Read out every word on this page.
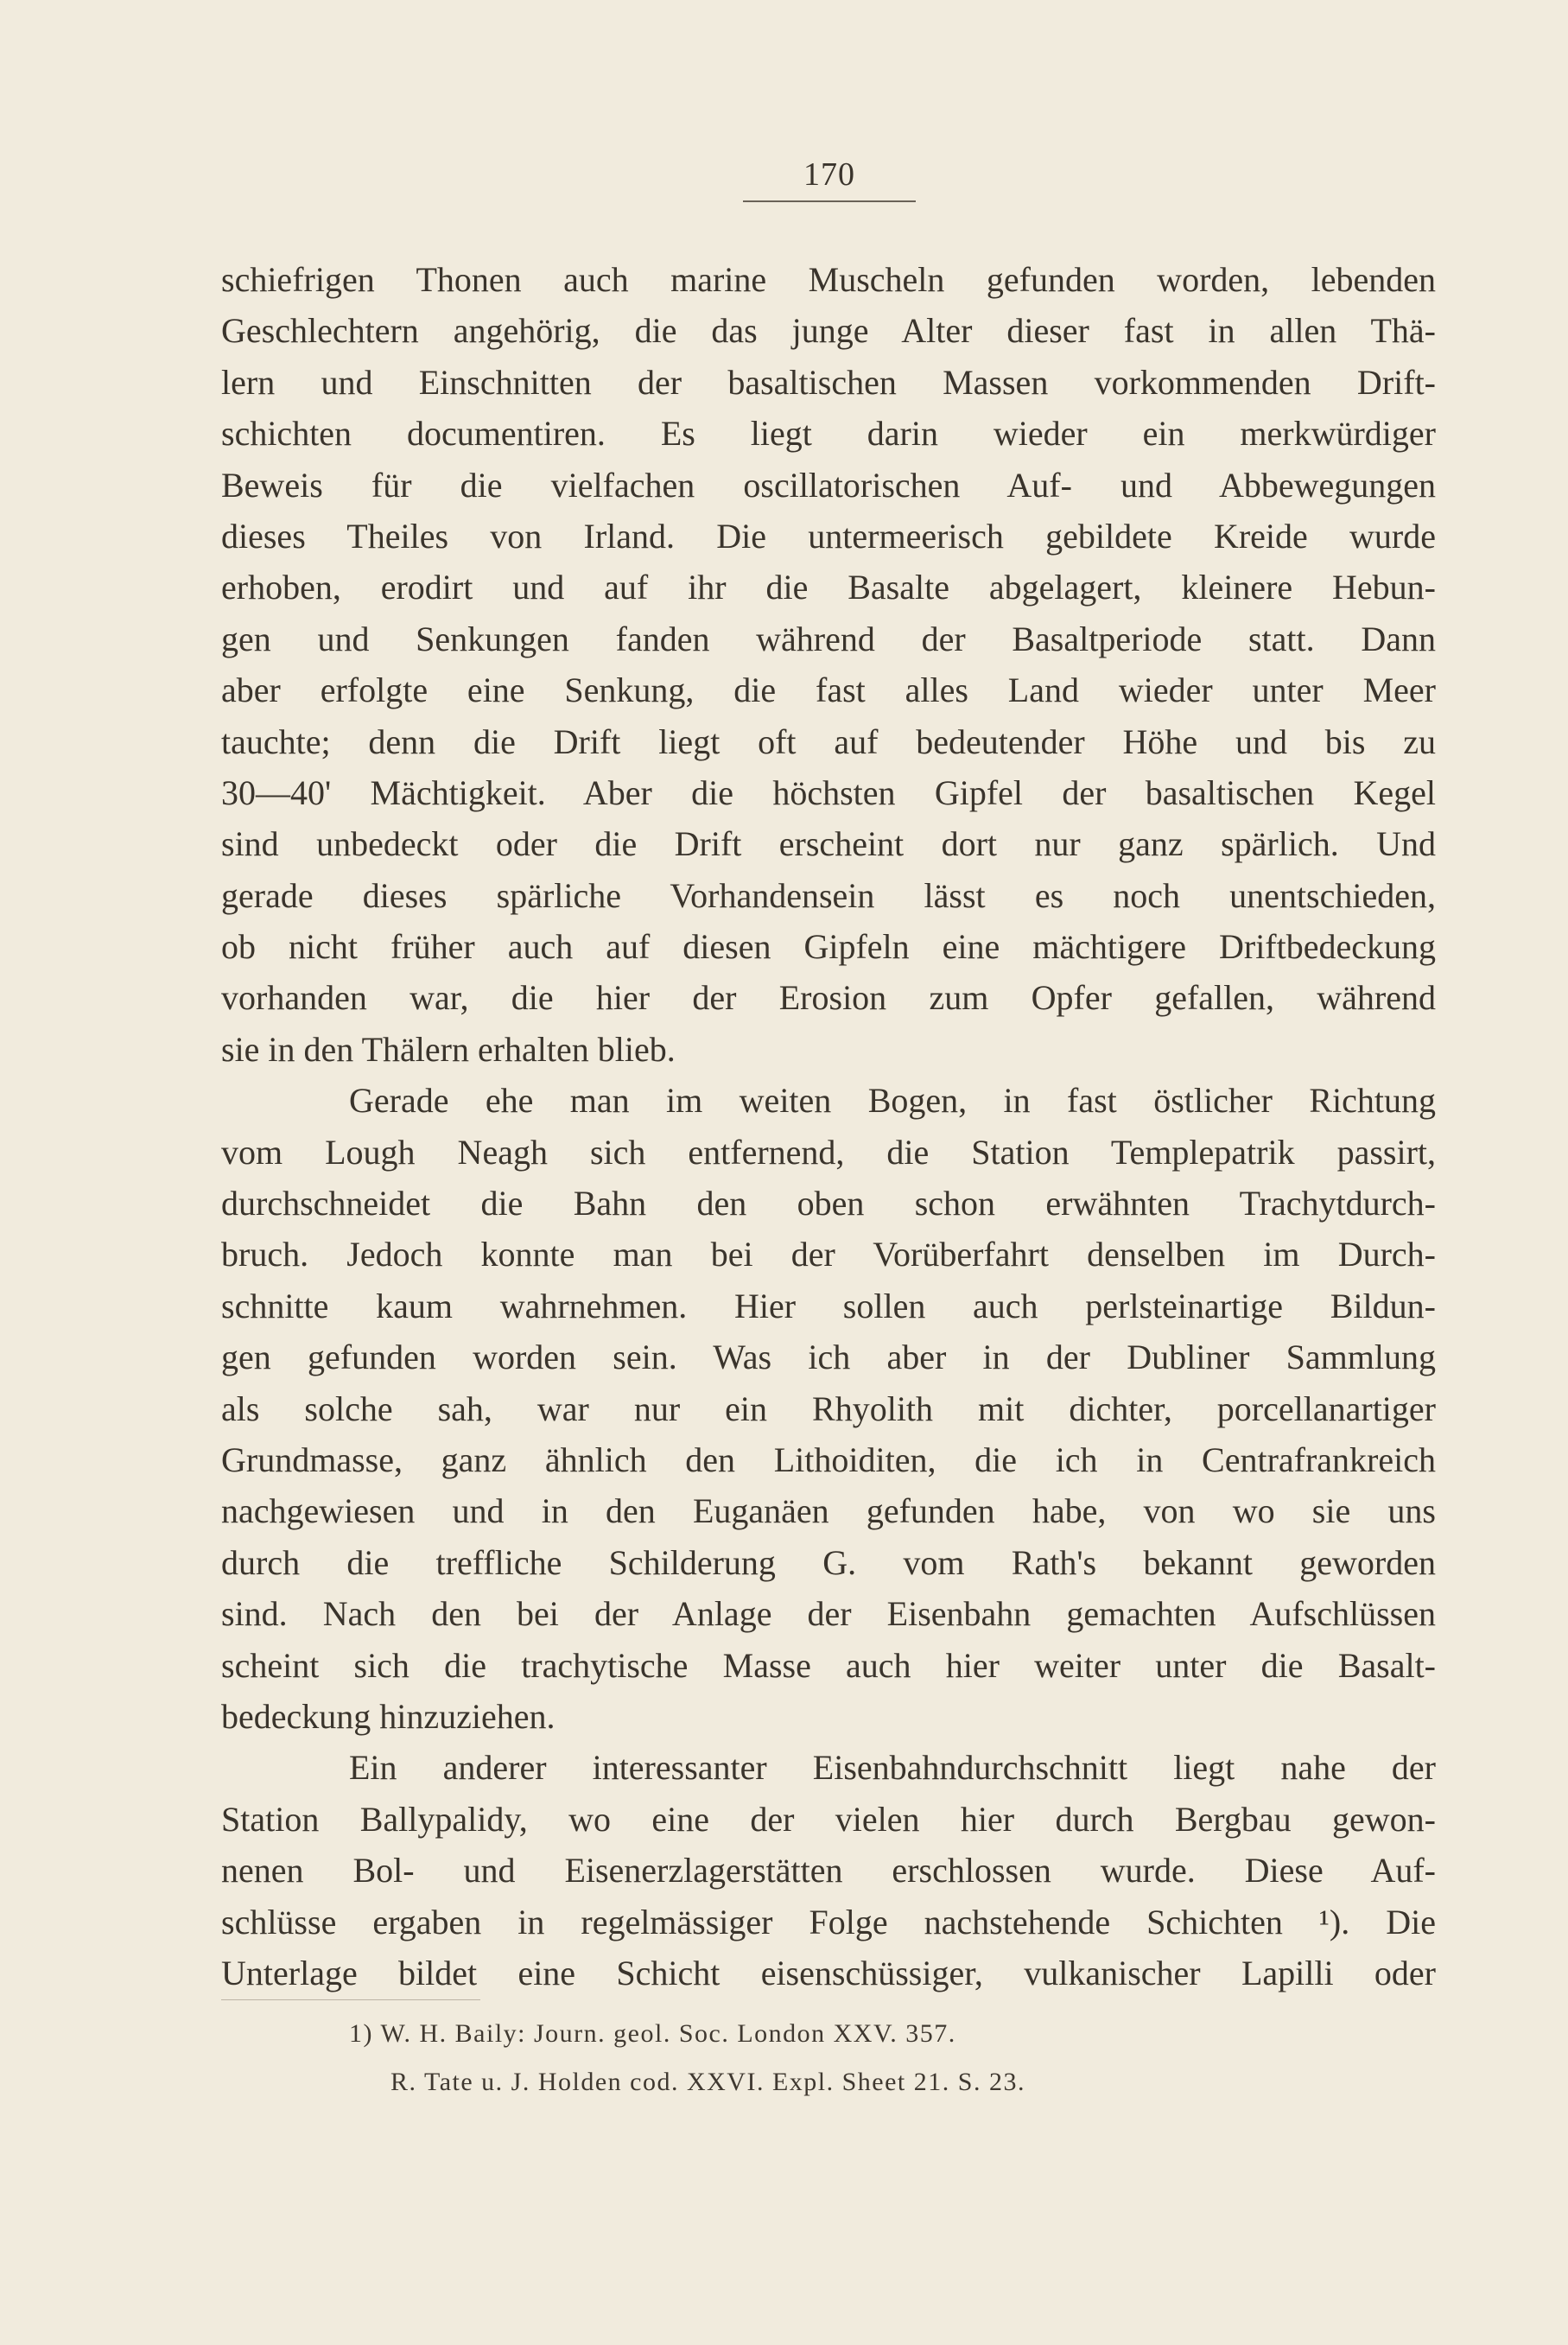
170
schiefrigen Thonen auch marine Muscheln gefunden worden, lebenden
Geschlechtern angehörig, die das junge Alter dieser fast in allen Thä-
lern und Einschnitten der basaltischen Massen vorkommenden Drift-
schichten documentiren. Es liegt darin wieder ein merkwürdiger
Beweis für die vielfachen oscillatorischen Auf- und Abbewegungen
dieses Theiles von Irland. Die untermeerisch gebildete Kreide wurde
erhoben, erodirt und auf ihr die Basalte abgelagert, kleinere Hebun-
gen und Senkungen fanden während der Basaltperiode statt. Dann
aber erfolgte eine Senkung, die fast alles Land wieder unter Meer
tauchte; denn die Drift liegt oft auf bedeutender Höhe und bis zu
30—40' Mächtigkeit. Aber die höchsten Gipfel der basaltischen Kegel
sind unbedeckt oder die Drift erscheint dort nur ganz spärlich. Und
gerade dieses spärliche Vorhandensein lässt es noch unentschieden,
ob nicht früher auch auf diesen Gipfeln eine mächtigere Driftbedeckung
vorhanden war, die hier der Erosion zum Opfer gefallen, während
sie in den Thälern erhalten blieb.
Gerade ehe man im weiten Bogen, in fast östlicher Richtung
vom Lough Neagh sich entfernend, die Station Templepatrik passirt,
durchschneidet die Bahn den oben schon erwähnten Trachytdurch-
bruch. Jedoch konnte man bei der Vorüberfahrt denselben im Durch-
schnitte kaum wahrnehmen. Hier sollen auch perlsteinartige Bildun-
gen gefunden worden sein. Was ich aber in der Dubliner Sammlung
als solche sah, war nur ein Rhyolith mit dichter, porcellanartiger
Grundmasse, ganz ähnlich den Lithoiditen, die ich in Centrafrankreich
nachgewiesen und in den Euganäen gefunden habe, von wo sie uns
durch die treffliche Schilderung G. vom Rath's bekannt geworden
sind. Nach den bei der Anlage der Eisenbahn gemachten Aufschlüssen
scheint sich die trachytische Masse auch hier weiter unter die Basalt-
bedeckung hinzuziehen.
Ein anderer interessanter Eisenbahndurchschnitt liegt nahe der
Station Ballypalidy, wo eine der vielen hier durch Bergbau gewon-
nenen Bol- und Eisenerzlagerstätten erschlossen wurde. Diese Auf-
schlüsse ergaben in regelmässiger Folge nachstehende Schichten ¹). Die
Unterlage bildet eine Schicht eisenschüssiger, vulkanischer Lapilli oder
1) W. H. Baily: Journ. geol. Soc. London XXV. 357.
R. Tate u. J. Holden cod. XXVI. Expl. Sheet 21. S. 23.
